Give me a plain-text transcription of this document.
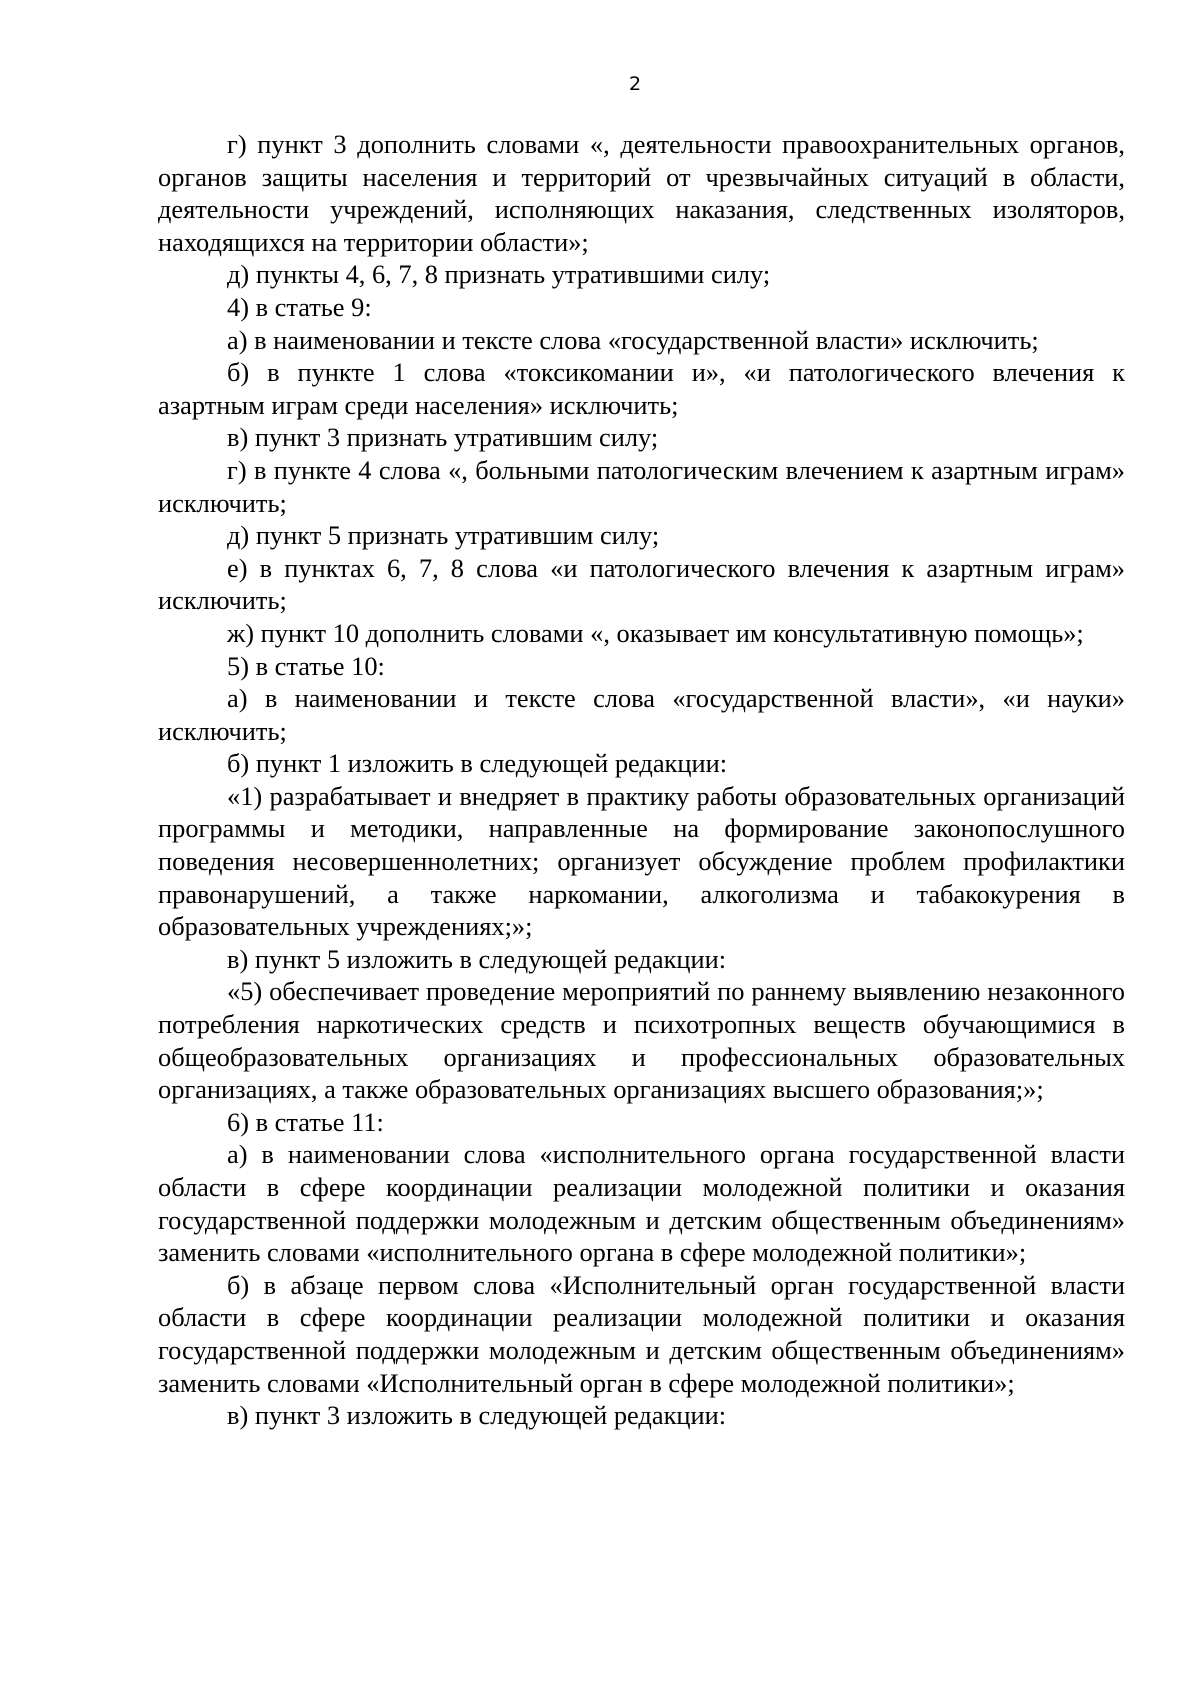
2

г) пункт 3 дополнить словами «, деятельности правоохранительных органов, органов защиты населения и территорий от чрезвычайных ситуаций в области, деятельности учреждений, исполняющих наказания, следственных изоляторов, находящихся на территории области»;

д) пункты 4, 6, 7, 8 признать утратившими силу;

4) в статье 9:

а) в наименовании и тексте слова «государственной власти» исключить;

б) в пункте 1 слова «токсикомании и», «и патологического влечения к азартным играм среди населения» исключить;

в) пункт 3 признать утратившим силу;

г) в пункте 4 слова «, больными патологическим влечением к азартным играм» исключить;

д) пункт 5 признать утратившим силу;

е) в пунктах 6, 7, 8 слова «и патологического влечения к азартным играм» исключить;

ж) пункт 10 дополнить словами «, оказывает им консультативную помощь»;

5) в статье 10:

а) в наименовании и тексте слова «государственной власти», «и науки» исключить;

б) пункт 1 изложить в следующей редакции:

«1) разрабатывает и внедряет в практику работы образовательных организаций программы и методики, направленные на формирование законопослушного поведения несовершеннолетних; организует обсуждение проблем профилактики правонарушений, а также наркомании, алкоголизма и табакокурения в образовательных учреждениях;»;

в) пункт 5 изложить в следующей редакции:

«5) обеспечивает проведение мероприятий по раннему выявлению незаконного потребления наркотических средств и психотропных веществ обучающимися в общеобразовательных организациях и профессиональных образовательных организациях, а также образовательных организациях высшего образования;»;

6) в статье 11:

а) в наименовании слова «исполнительного органа государственной власти области в сфере координации реализации молодежной политики и оказания государственной поддержки молодежным и детским общественным объединениям» заменить словами «исполнительного органа в сфере молодежной политики»;

б) в абзаце первом слова «Исполнительный орган государственной власти области в сфере координации реализации молодежной политики и оказания государственной поддержки молодежным и детским общественным объединениям» заменить словами «Исполнительный орган в сфере молодежной политики»;

в) пункт 3 изложить в следующей редакции:
